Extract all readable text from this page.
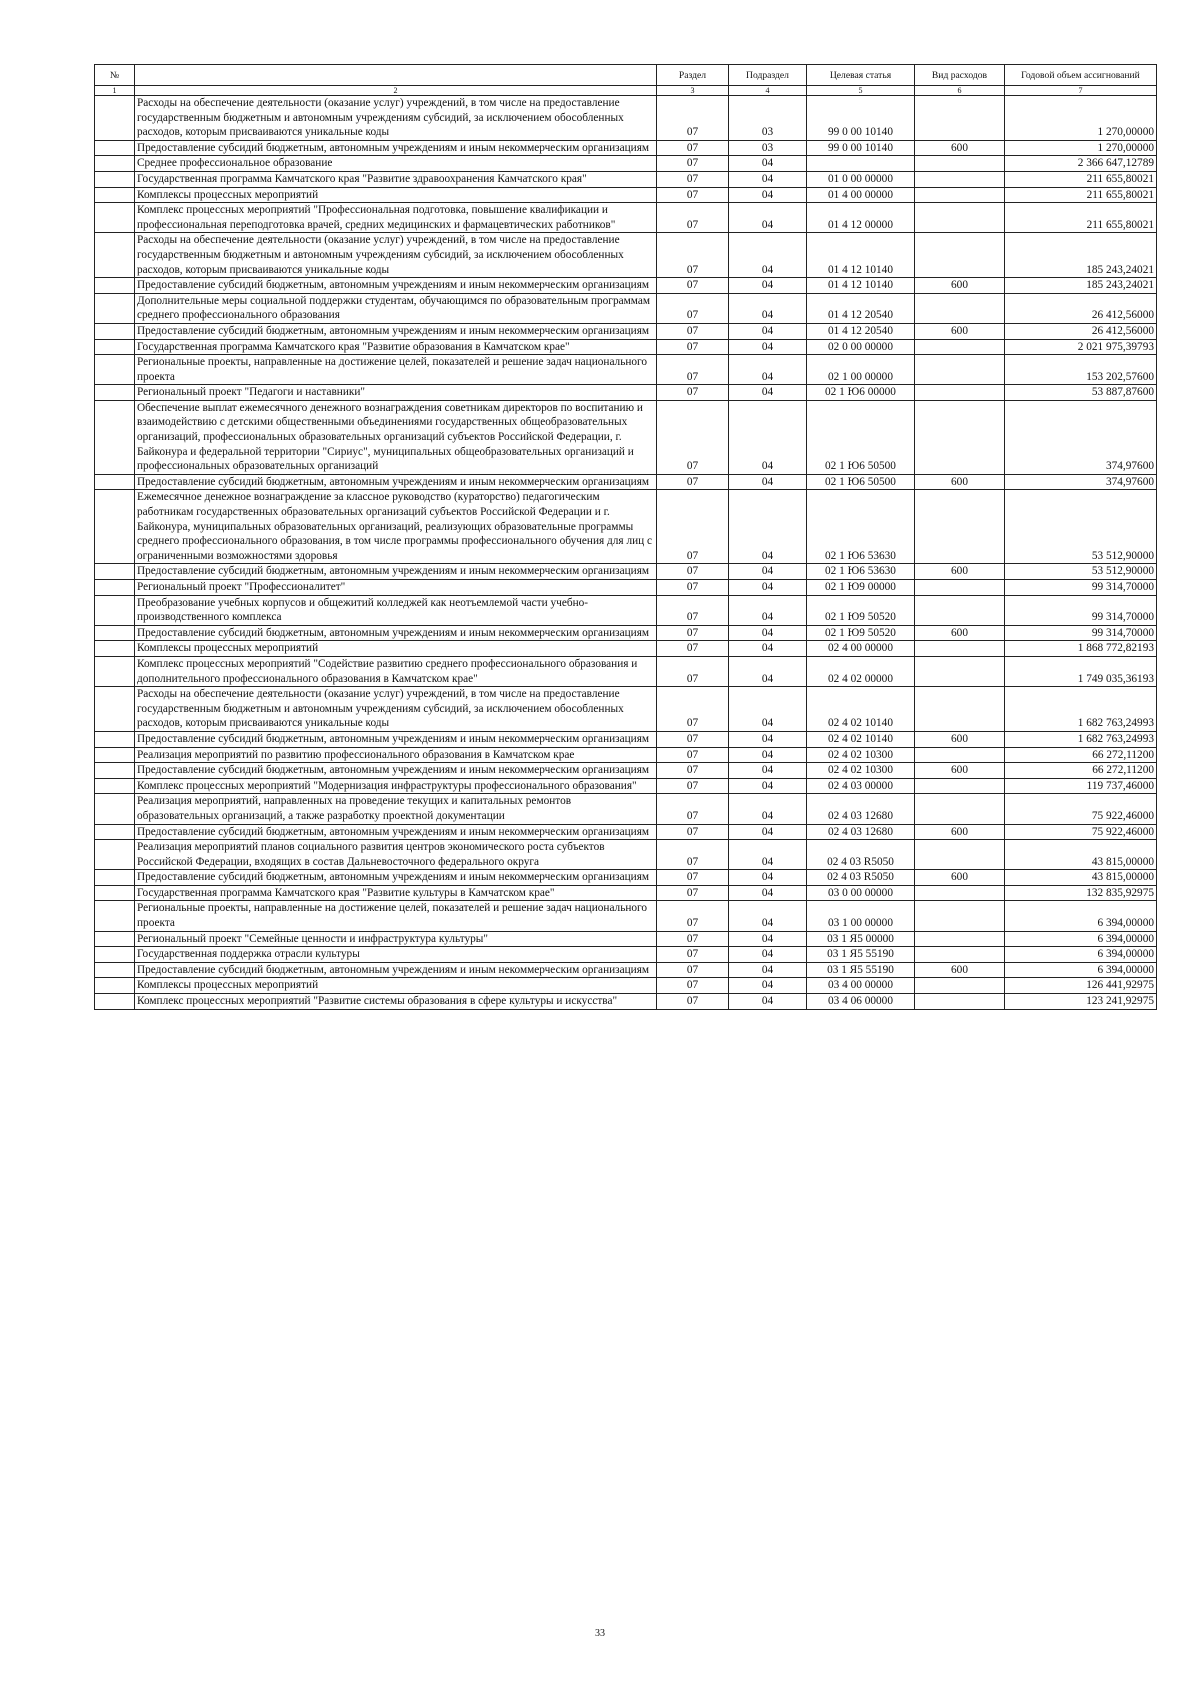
№		Раздел	Подраздел	Целевая статья	Вид расходов	Годовой объем ассигнований
1	2	3	4	5	6	7
	Расходы на обеспечение деятельности (оказание услуг) учреждений, в том числе на предоставление государственным бюджетным и автономным учреждениям субсидий, за исключением обособленных расходов, которым присваиваются уникальные коды	07	03	99 0 00 10140		1 270,00000
	Предоставление субсидий бюджетным, автономным учреждениям и иным некоммерческим организациям	07	03	99 0 00 10140	600	1 270,00000
	Среднее профессиональное образование	07	04			2 366 647,12789
	Государственная программа Камчатского края "Развитие здравоохранения Камчатского края"	07	04	01 0 00 00000		211 655,80021
	Комплексы процессных мероприятий	07	04	01 4 00 00000		211 655,80021
	Комплекс процессных мероприятий "Профессиональная подготовка, повышение квалификации и профессиональная переподготовка врачей, средних медицинских и фармацевтических работников"	07	04	01 4 12 00000		211 655,80021
	Расходы на обеспечение деятельности (оказание услуг) учреждений, в том числе на предоставление государственным бюджетным и автономным учреждениям субсидий, за исключением обособленных расходов, которым присваиваются уникальные коды	07	04	01 4 12 10140		185 243,24021
	Предоставление субсидий бюджетным, автономным учреждениям и иным некоммерческим организациям	07	04	01 4 12 10140	600	185 243,24021
	Дополнительные меры социальной поддержки студентам, обучающимся по образовательным программам среднего профессионального образования	07	04	01 4 12 20540		26 412,56000
	Предоставление субсидий бюджетным, автономным учреждениям и иным некоммерческим организациям	07	04	01 4 12 20540	600	26 412,56000
	Государственная программа Камчатского края "Развитие образования в Камчатском крае"	07	04	02 0 00 00000		2 021 975,39793
	Региональные проекты, направленные на достижение целей, показателей и решение задач национального проекта	07	04	02 1 00 00000		153 202,57600
	Региональный проект "Педагоги и наставники"	07	04	02 1 Ю6 00000		53 887,87600
	Обеспечение выплат ежемесячного денежного вознаграждения советникам директоров по воспитанию и взаимодействию с детскими общественными объединениями государственных общеобразовательных организаций, профессиональных образовательных организаций субъектов Российской Федерации, г. Байконура и федеральной территории "Сириус", муниципальных общеобразовательных организаций и профессиональных образовательных организаций	07	04	02 1 Ю6 50500		374,97600
	Предоставление субсидий бюджетным, автономным учреждениям и иным некоммерческим организациям	07	04	02 1 Ю6 50500	600	374,97600
	Ежемесячное денежное вознаграждение за классное руководство (кураторство) педагогическим работникам государственных образовательных организаций субъектов Российской Федерации и г. Байконура, муниципальных образовательных организаций, реализующих образовательные программы среднего профессионального образования, в том числе программы профессионального обучения для лиц с ограниченными возможностями здоровья	07	04	02 1 Ю6 53630		53 512,90000
	Предоставление субсидий бюджетным, автономным учреждениям и иным некоммерческим организациям	07	04	02 1 Ю6 53630	600	53 512,90000
	Региональный проект "Профессионалитет"	07	04	02 1 Ю9 00000		99 314,70000
	Преобразование учебных корпусов и общежитий колледжей как неотъемлемой части учебно-производственного комплекса	07	04	02 1 Ю9 50520		99 314,70000
	Предоставление субсидий бюджетным, автономным учреждениям и иным некоммерческим организациям	07	04	02 1 Ю9 50520	600	99 314,70000
	Комплексы процессных мероприятий	07	04	02 4 00 00000		1 868 772,82193
	Комплекс процессных мероприятий "Содействие развитию среднего профессионального образования и дополнительного профессионального образования в Камчатском крае"	07	04	02 4 02 00000		1 749 035,36193
	Расходы на обеспечение деятельности (оказание услуг) учреждений, в том числе на предоставление государственным бюджетным и автономным учреждениям субсидий, за исключением обособленных расходов, которым присваиваются уникальные коды	07	04	02 4 02 10140		1 682 763,24993
	Предоставление субсидий бюджетным, автономным учреждениям и иным некоммерческим организациям	07	04	02 4 02 10140	600	1 682 763,24993
	Реализация мероприятий по развитию профессионального образования в Камчатском крае	07	04	02 4 02 10300		66 272,11200
	Предоставление субсидий бюджетным, автономным учреждениям и иным некоммерческим организациям	07	04	02 4 02 10300	600	66 272,11200
	Комплекс процессных мероприятий "Модернизация инфраструктуры профессионального образования"	07	04	02 4 03 00000		119 737,46000
	Реализация мероприятий, направленных на проведение текущих и капитальных ремонтов образовательных организаций, а также разработку проектной документации	07	04	02 4 03 12680		75 922,46000
	Предоставление субсидий бюджетным, автономным учреждениям и иным некоммерческим организациям	07	04	02 4 03 12680	600	75 922,46000
	Реализация мероприятий планов социального развития центров экономического роста субъектов Российской Федерации, входящих в состав Дальневосточного федерального округа	07	04	02 4 03 R5050		43 815,00000
	Предоставление субсидий бюджетным, автономным учреждениям и иным некоммерческим организациям	07	04	02 4 03 R5050	600	43 815,00000
	Государственная программа Камчатского края "Развитие культуры в Камчатском крае"	07	04	03 0 00 00000		132 835,92975
	Региональные проекты, направленные на достижение целей, показателей и решение задач национального проекта	07	04	03 1 00 00000		6 394,00000
	Региональный проект "Семейные ценности и инфраструктура культуры"	07	04	03 1 Я5 00000		6 394,00000
	Государственная поддержка отрасли культуры	07	04	03 1 Я5 55190		6 394,00000
	Предоставление субсидий бюджетным, автономным учреждениям и иным некоммерческим организациям	07	04	03 1 Я5 55190	600	6 394,00000
	Комплексы процессных мероприятий	07	04	03 4 00 00000		126 441,92975
	Комплекс процессных мероприятий "Развитие системы образования в сфере культуры и искусства"	07	04	03 4 06 00000		123 241,92975
33
